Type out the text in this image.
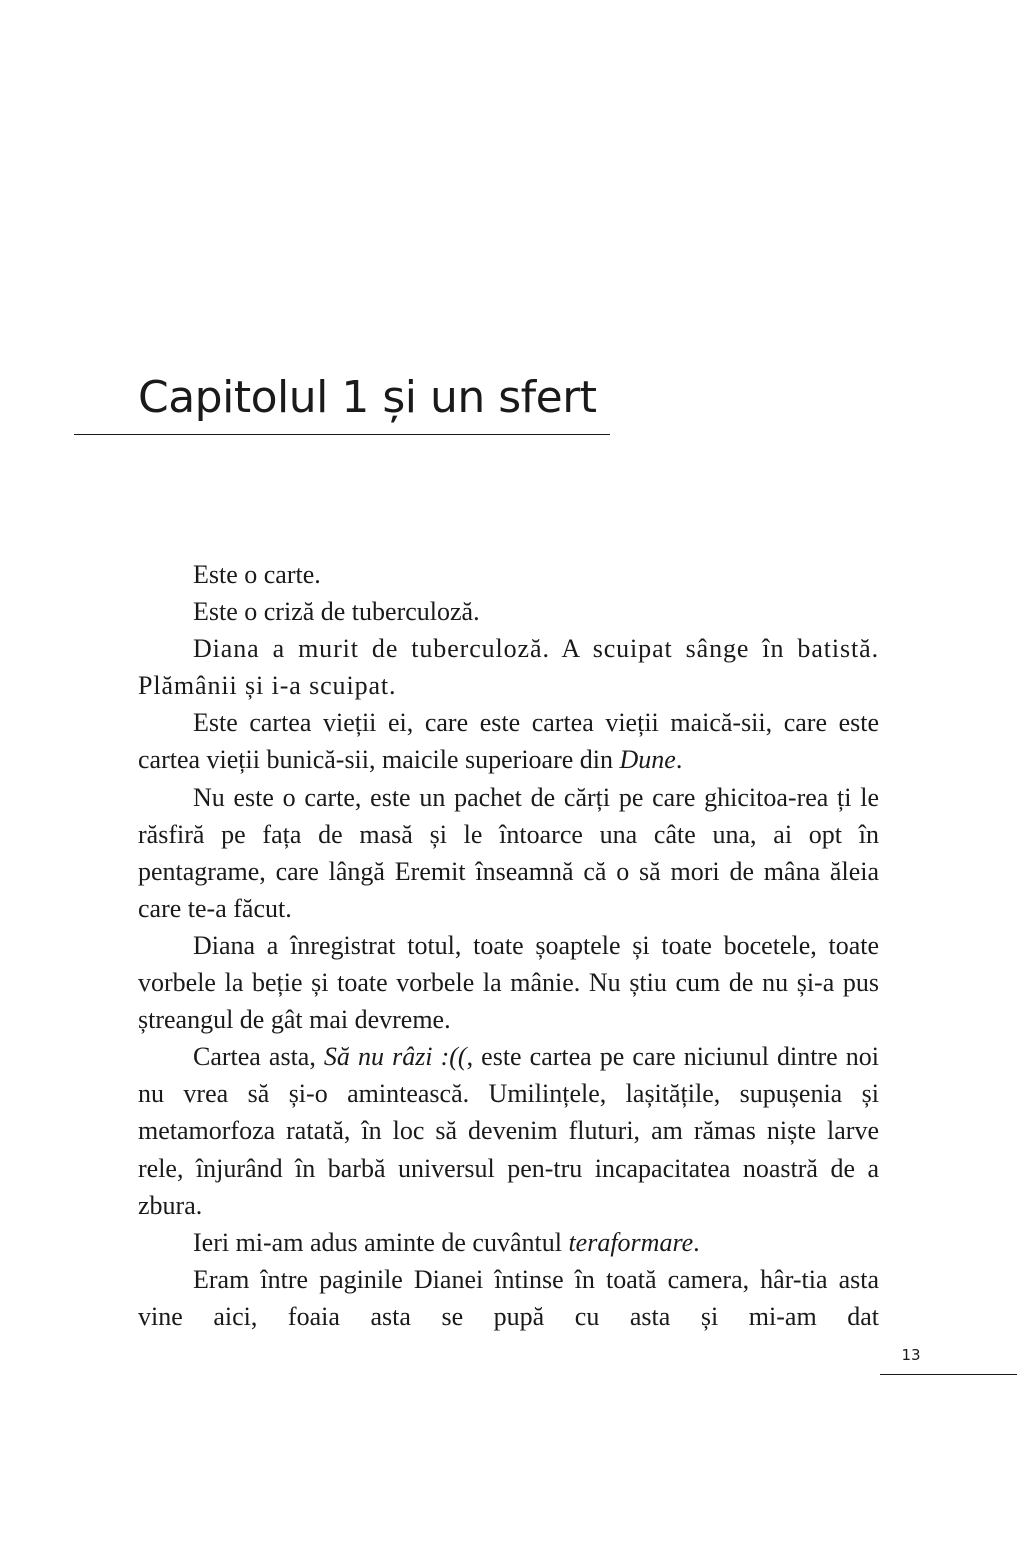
Capitolul 1 și un sfert

Este o carte.

Este o criză de tuberculoză.

Diana a murit de tuberculoză. A scuipat sânge în batistă. Plămânii și i-a scuipat.

Este cartea vieții ei, care este cartea vieții maică-sii, care este cartea vieții bunică-sii, maicile superioare din Dune.

Nu este o carte, este un pachet de cărți pe care ghicitoa-rea ți le răsfiră pe fața de masă și le întoarce una câte una, ai opt în pentagrame, care lângă Eremit înseamnă că o să mori de mâna ăleia care te-a făcut.

Diana a înregistrat totul, toate șoaptele și toate bocetele, toate vorbele la beție și toate vorbele la mânie. Nu știu cum de nu și-a pus ștreangul de gât mai devreme.

Cartea asta, Să nu râzi :((, este cartea pe care niciunul dintre noi nu vrea să și-o amintească. Umilințele, lașitățile, supușenia și metamorfoza ratată, în loc să devenim fluturi, am rămas niște larve rele, înjurând în barbă universul pen-tru incapacitatea noastră de a zbura.

Ieri mi-am adus aminte de cuvântul teraformare.

Eram între paginile Dianei întinse în toată camera, hâr-tia asta vine aici, foaia asta se pupă cu asta și mi-am dat

13
